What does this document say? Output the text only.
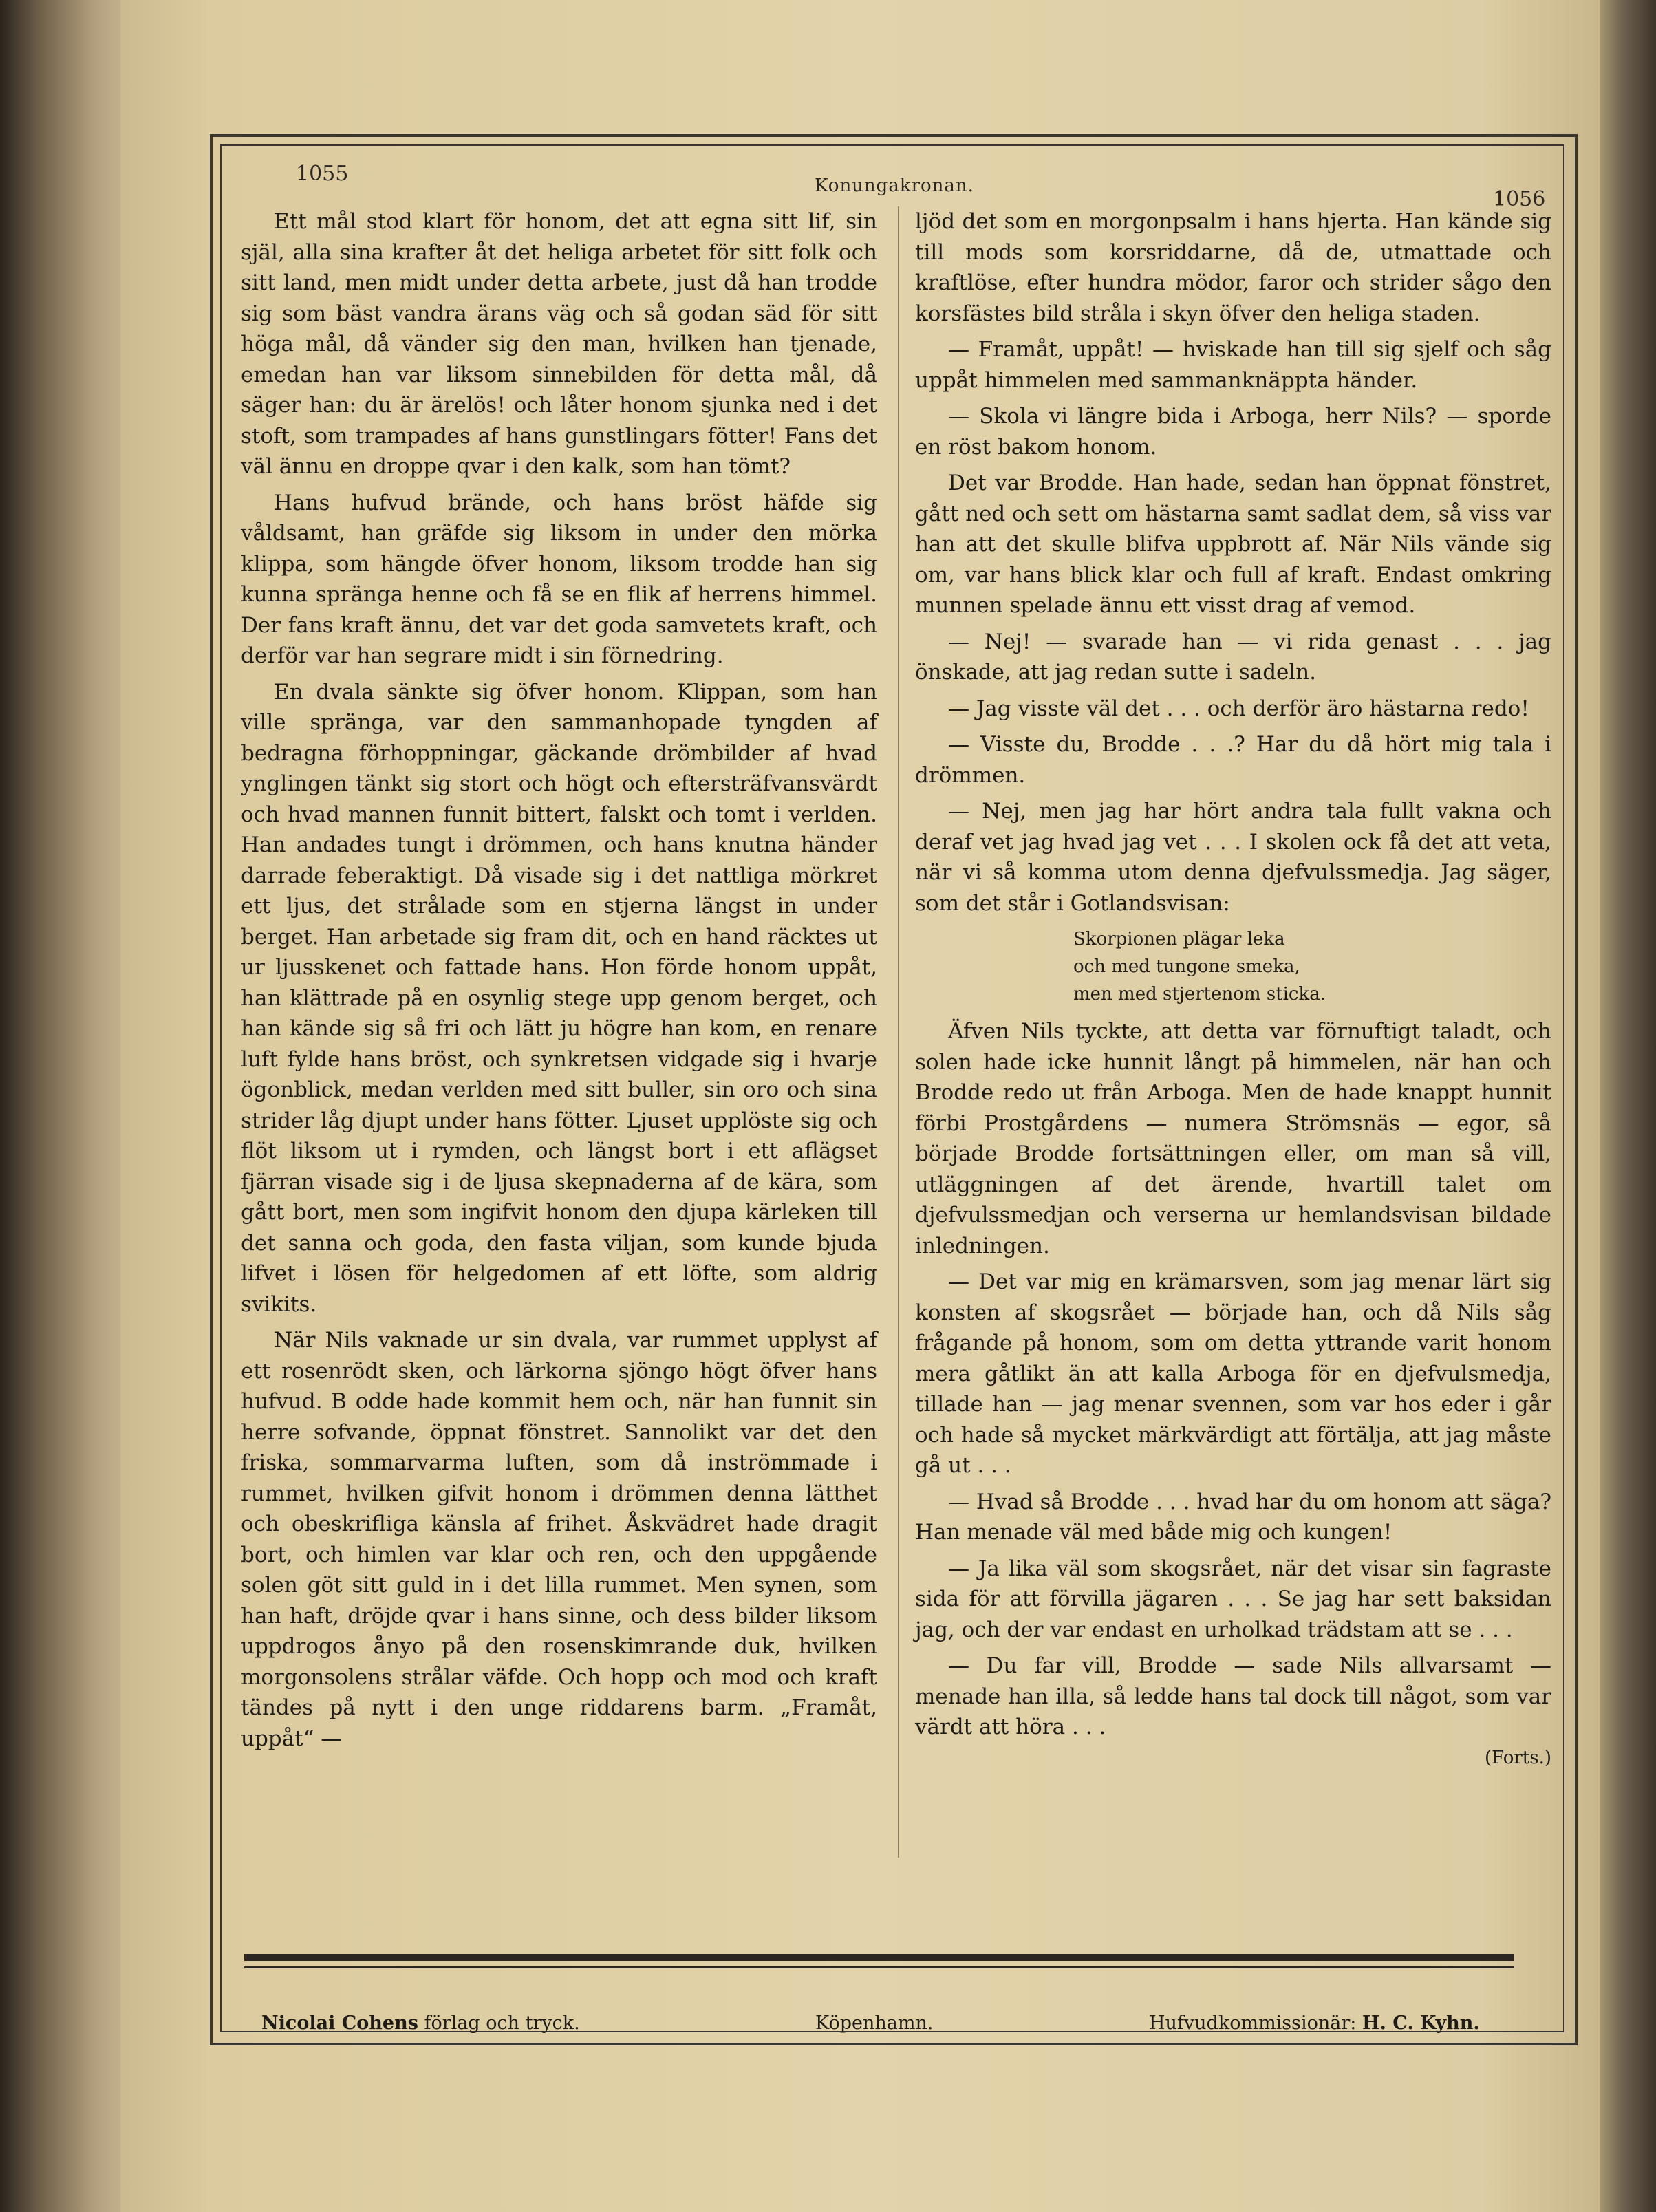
1055	Konungakronan.
1056

Ett mål stod klart för honom, det att egna sitt lif, sin själ, alla sina krafter åt det heliga arbetet för sitt folk och sitt land, men midt under detta arbete, just då han trodde sig som bäst vandra ärans väg och så godan säd för sitt höga mål, då vänder sig den man, hvilken han tjenade, emedan han var liksom sinnebilden för detta mål, då säger han: du är ärelös! och låter honom sjunka ned i det stoft, som trampades af hans gunstlingars fötter! Fans det väl ännu en droppe qvar i den kalk, som han tömt?

Hans hufvud brände, och hans bröst häfde sig våldsamt, han gräfde sig liksom in under den mörka klippa, som hängde öfver honom, liksom trodde han sig kunna spränga henne och få se en flik af herrens himmel. Der fans kraft ännu, det var det goda samvetets kraft, och derför var han segrare midt i sin förnedring.

En dvala sänkte sig öfver honom. Klippan, som han ville spränga, var den sammanhopade tyngden af bedragna förhoppningar, gäckande drömbilder af hvad ynglingen tänkt sig stort och högt och eftersträfvansvärdt och hvad mannen funnit bittert, falskt och tomt i verlden. Han andades tungt i drömmen, och hans knutna händer darrade feberaktigt. Då visade sig i det nattliga mörkret ett ljus, det strålade som en stjerna längst in under berget. Han arbetade sig fram dit, och en hand räcktes ut ur ljusskenet och fattade hans. Hon förde honom uppåt, han klättrade på en osynlig stege upp genom berget, och han kände sig så fri och lätt ju högre han kom, en renare luft fylde hans bröst, och synkretsen vidgade sig i hvarje ögonblick, medan verlden med sitt buller, sin oro och sina strider låg djupt under hans fötter. Ljuset upplöste sig och flöt liksom ut i rymden, och längst bort i ett aflägset fjärran visade sig i de ljusa skepnaderna af de kära, som gått bort, men som ingifvit honom den djupa kärleken till det sanna och goda, den fasta viljan, som kunde bjuda lifvet i lösen för helgedomen af ett löfte, som aldrig svikits.

När Nils vaknade ur sin dvala, var rummet upplyst af ett rosenrödt sken, och lärkorna sjöngo högt öfver hans hufvud. B odde hade kommit hem och, när han funnit sin herre sofvande, öppnat fönstret. Sannolikt var det den friska, sommarvarma luften, som då inströmmade i rummet, hvilken gifvit honom i drömmen denna lätthet och obeskrifliga känsla af frihet. Åskvädret hade dragit bort, och himlen var klar och ren, och den uppgående solen göt sitt guld in i det lilla rummet. Men synen, som han haft, dröjde qvar i hans sinne, och dess bilder liksom uppdrogos ånyo på den rosenskimrande duk, hvilken morgonsolens strålar väfde. Och hopp och mod och kraft tändes på nytt i den unge riddarens barm. „Framåt, uppåt“ —

ljöd det som en morgonpsalm i hans hjerta. Han kände sig till mods som korsriddarne, då de, utmattade och kraftlöse, efter hundra mödor, faror och strider sågo den korsfästes bild stråla i skyn öfver den heliga staden.

— Framåt, uppåt! — hviskade han till sig sjelf och såg uppåt himmelen med sammanknäppta händer.

— Skola vi längre bida i Arboga, herr Nils? — sporde en röst bakom honom.

Det var Brodde. Han hade, sedan han öppnat fönstret, gått ned och sett om hästarna samt sadlat dem, så viss var han att det skulle blifva uppbrott af. När Nils vände sig om, var hans blick klar och full af kraft. Endast omkring munnen spelade ännu ett visst drag af vemod.

— Nej! — svarade han — vi rida genast . . . jag önskade, att jag redan sutte i sadeln.

— Jag visste väl det . . . och derför äro hästarna redo!

— Visste du, Brodde . . .? Har du då hört mig tala i drömmen.

— Nej, men jag har hört andra tala fullt vakna och deraf vet jag hvad jag vet . . . I skolen ock få det att veta, när vi så komma utom denna djefvulssmedja. Jag säger, som det står i Gotlandsvisan:

Skorpionen plägar leka
och med tungone smeka,
men med stjertenom sticka.

Äfven Nils tyckte, att detta var förnuftigt taladt, och solen hade icke hunnit långt på himmelen, när han och Brodde redo ut från Arboga. Men de hade knappt hunnit förbi Prostgårdens — numera Strömsnäs — egor, så började Brodde fortsättningen eller, om man så vill, utläggningen af det ärende, hvartill talet om djefvulssmedjan och verserna ur hemlandsvisan bildade inledningen.

— Det var mig en krämarsven, som jag menar lärt sig konsten af skogsrået — började han, och då Nils såg frågande på honom, som om detta yttrande varit honom mera gåtlikt än att kalla Arboga för en djefvulsmedja, tillade han — jag menar svennen, som var hos eder i går och hade så mycket märkvärdigt att förtälja, att jag måste gå ut . . .

— Hvad så Brodde . . . hvad har du om honom att säga? Han menade väl med både mig och kungen!

— Ja lika väl som skogsrået, när det visar sin fagraste sida för att förvilla jägaren . . . Se jag har sett baksidan jag, och der var endast en urholkad trädstam att se . . .

— Du far vill, Brodde — sade Nils allvarsamt — menade han illa, så ledde hans tal dock till något, som var värdt att höra . . .

(Forts.)
Nicolai Cohens förlag och tryck.	Köpenhamn.	Hufvudkommissionär: H. C. Kyhn.
